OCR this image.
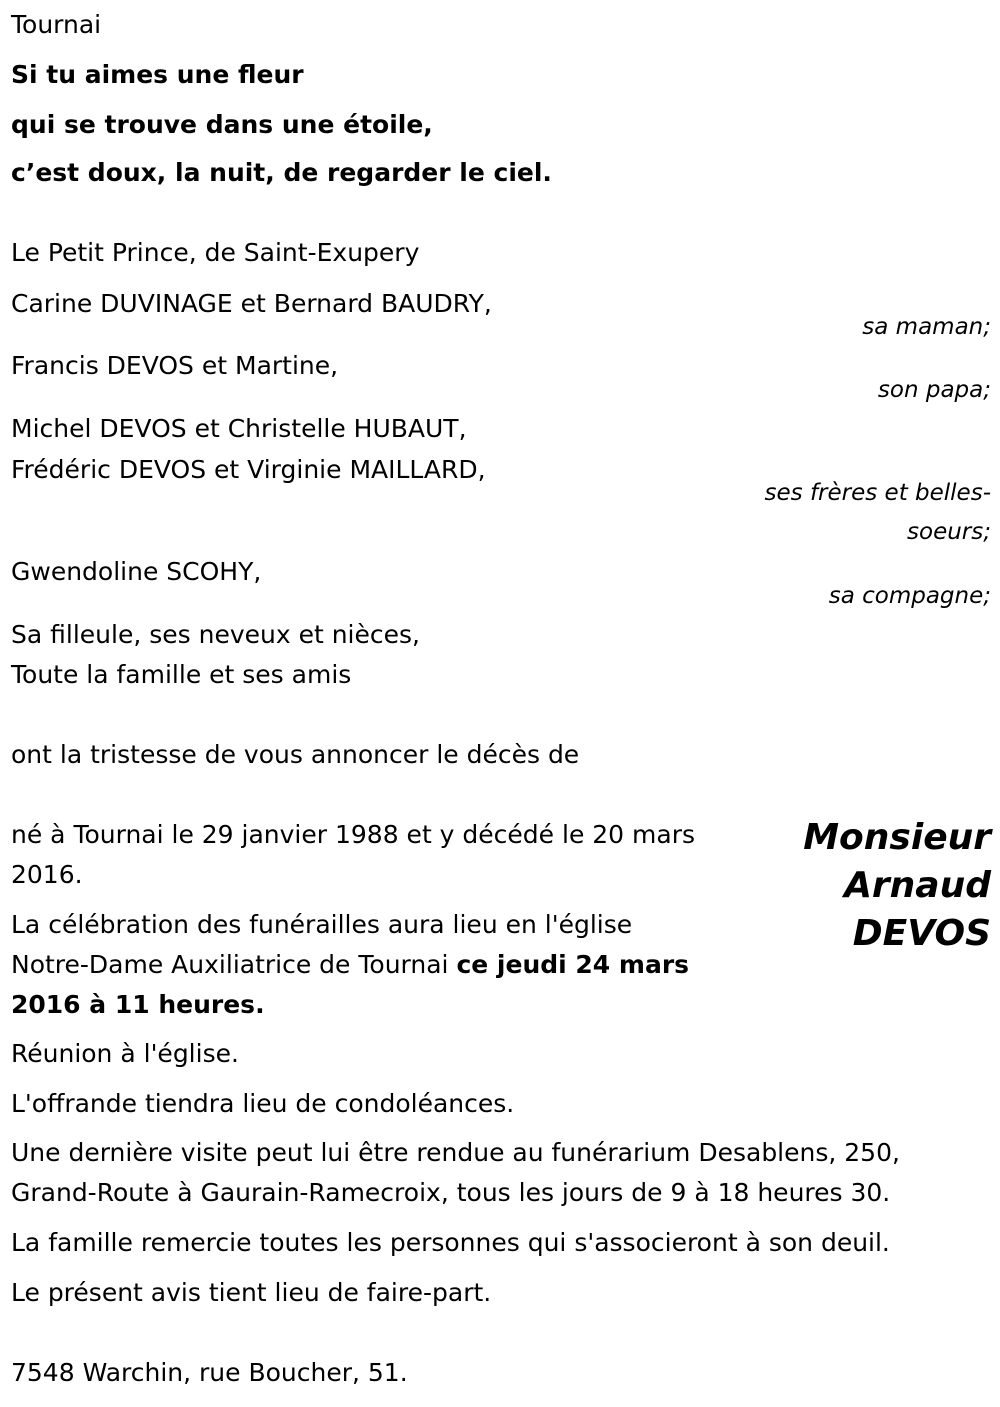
Tournai
Si tu aimes une fleur
qui se trouve dans une étoile,
c’est doux, la nuit, de regarder le ciel.
Le Petit Prince, de Saint-Exupery
Carine DUVINAGE et Bernard BAUDRY,
sa maman;
Francis DEVOS et Martine,
son papa;
Michel DEVOS et Christelle HUBAUT,
Frédéric DEVOS et Virginie MAILLARD,
ses frères et belles-
soeurs;
Gwendoline SCOHY,
sa compagne;
Sa filleule, ses neveux et nièces,
Toute la famille et ses amis
ont la tristesse de vous annoncer le décès de
Monsieur
Arnaud
DEVOS
né à Tournai le 29 janvier 1988 et y décédé le 20 mars
2016.
La célébration des funérailles aura lieu en l'église
Notre-Dame Auxiliatrice de Tournai ce jeudi 24 mars
2016 à 11 heures.
Réunion à l'église.
L'offrande tiendra lieu de condoléances.
Une dernière visite peut lui être rendue au funérarium Desablens, 250,
Grand-Route à Gaurain-Ramecroix, tous les jours de 9 à 18 heures 30.
La famille remercie toutes les personnes qui s'associeront à son deuil.
Le présent avis tient lieu de faire-part.
7548 Warchin, rue Boucher, 51.
